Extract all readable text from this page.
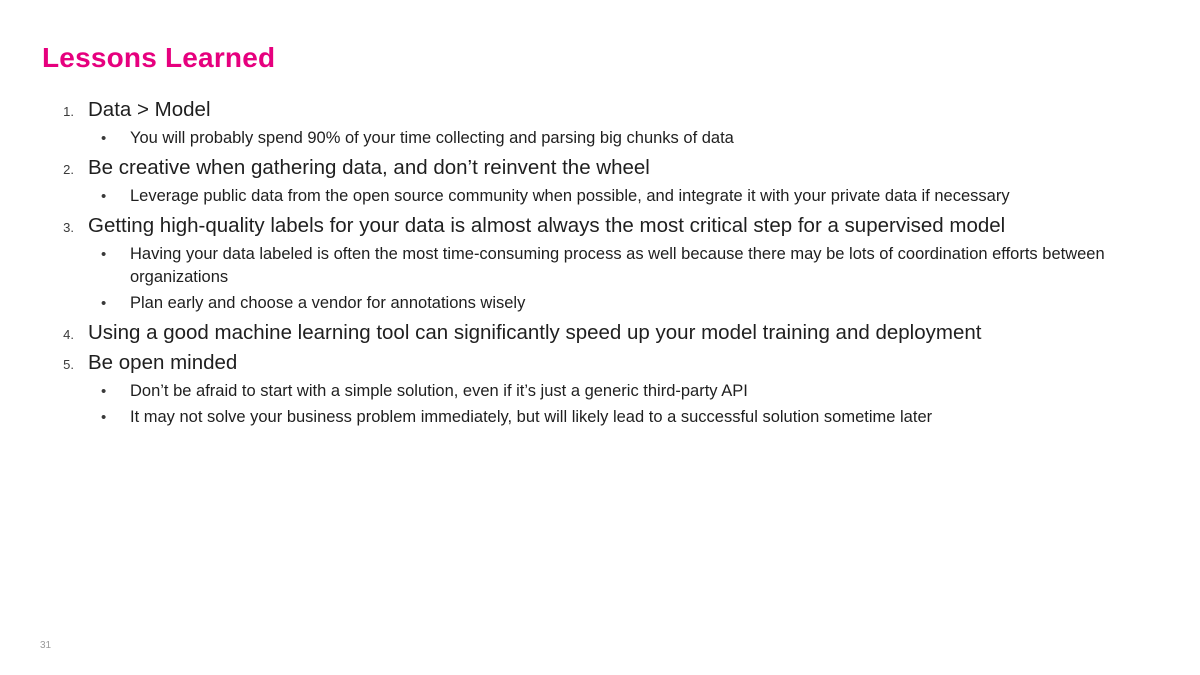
Lessons Learned
1. Data > Model
• You will probably spend 90% of your time collecting and parsing big chunks of data
2. Be creative when gathering data, and don’t reinvent the wheel
• Leverage public data from the open source community when possible, and integrate it with your private data if necessary
3. Getting high-quality labels for your data is almost always the most critical step for a supervised model
• Having your data labeled is often the most time-consuming process as well because there may be lots of coordination efforts between organizations
• Plan early and choose a vendor for annotations wisely
4. Using a good machine learning tool can significantly speed up your model training and deployment
5. Be open minded
• Don’t be afraid to start with a simple solution, even if it’s just a generic third-party API
• It may not solve your business problem immediately, but will likely lead to a successful solution sometime later
31
